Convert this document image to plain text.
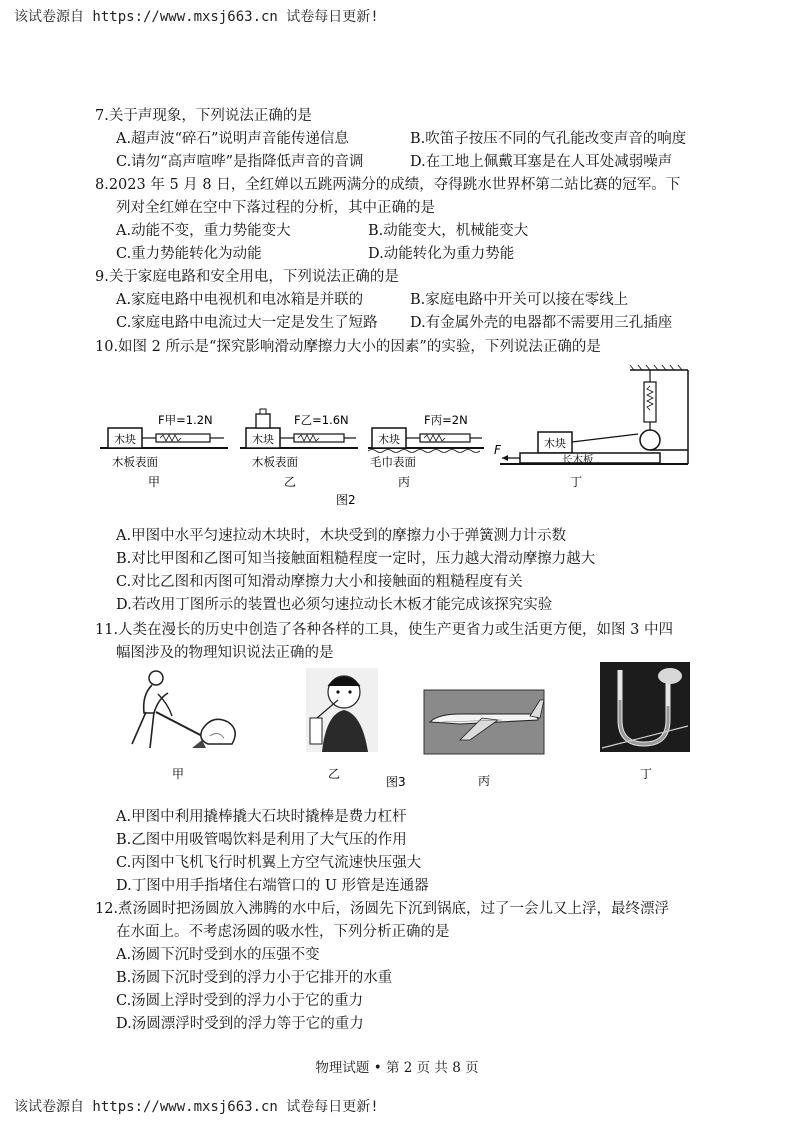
该试卷源自 https://www.mxsj663.cn 试卷每日更新!
7.关于声现象，下列说法正确的是
A.超声波“碎石”说明声音能传递信息	B.吹笛子按压不同的气孔能改变声音的响度
C.请勿“高声喧哗”是指降低声音的音调	D.在工地上佩戴耳塞是在人耳处减弱噪声
8.2023 年 5 月 8 日，全红婵以五跳两满分的成绩，夺得跳水世界杯第二站比赛的冠军。下
列对全红婵在空中下落过程的分析，其中正确的是
A.动能不变，重力势能变大	B.动能变大，机械能变大
C.重力势能转化为动能	D.动能转化为重力势能
9.关于家庭电路和安全用电，下列说法正确的是
A.家庭电路中电视机和电冰箱是并联的	B.家庭电路中开关可以接在零线上
C.家庭电路中电流过大一定是发生了短路 D.有金属外壳的电器都不需要用三孔插座
10.如图 2 所示是“探究影响滑动摩擦力大小的因素”的实验，下列说法正确的是
木块
F甲=1.2N
木板表面
甲
木块
F乙=1.6N
木板表面
乙
木块
F丙=2N
毛巾表面
丙
木块
长木板
F
丁
图2
A.甲图中水平匀速拉动木块时，木块受到的摩擦力小于弹簧测力计示数
B.对比甲图和乙图可知当接触面粗糙程度一定时，压力越大滑动摩擦力越大
C.对比乙图和丙图可知滑动摩擦力大小和接触面的粗糙程度有关
D.若改用丁图所示的装置也必须匀速拉动长木板才能完成该探究实验
11.人类在漫长的历史中创造了各种各样的工具，使生产更省力或生活更方便，如图 3 中四
幅图涉及的物理知识说法正确的是
甲	乙	丙	丁
图3
A.甲图中利用撬棒撬大石块时撬棒是费力杠杆
B.乙图中用吸管喝饮料是利用了大气压的作用
C.丙图中飞机飞行时机翼上方空气流速快压强大
D.丁图中用手指堵住右端管口的 U 形管是连通器
12.煮汤圆时把汤圆放入沸腾的水中后，汤圆先下沉到锅底，过了一会儿又上浮，最终漂浮
在水面上。不考虑汤圆的吸水性，下列分析正确的是
A.汤圆下沉时受到水的压强不变
B.汤圆下沉时受到的浮力小于它排开的水重
C.汤圆上浮时受到的浮力小于它的重力
D.汤圆漂浮时受到的浮力等于它的重力
物理试题 • 第 2 页 共 8 页
该试卷源自 https://www.mxsj663.cn 试卷每日更新!
